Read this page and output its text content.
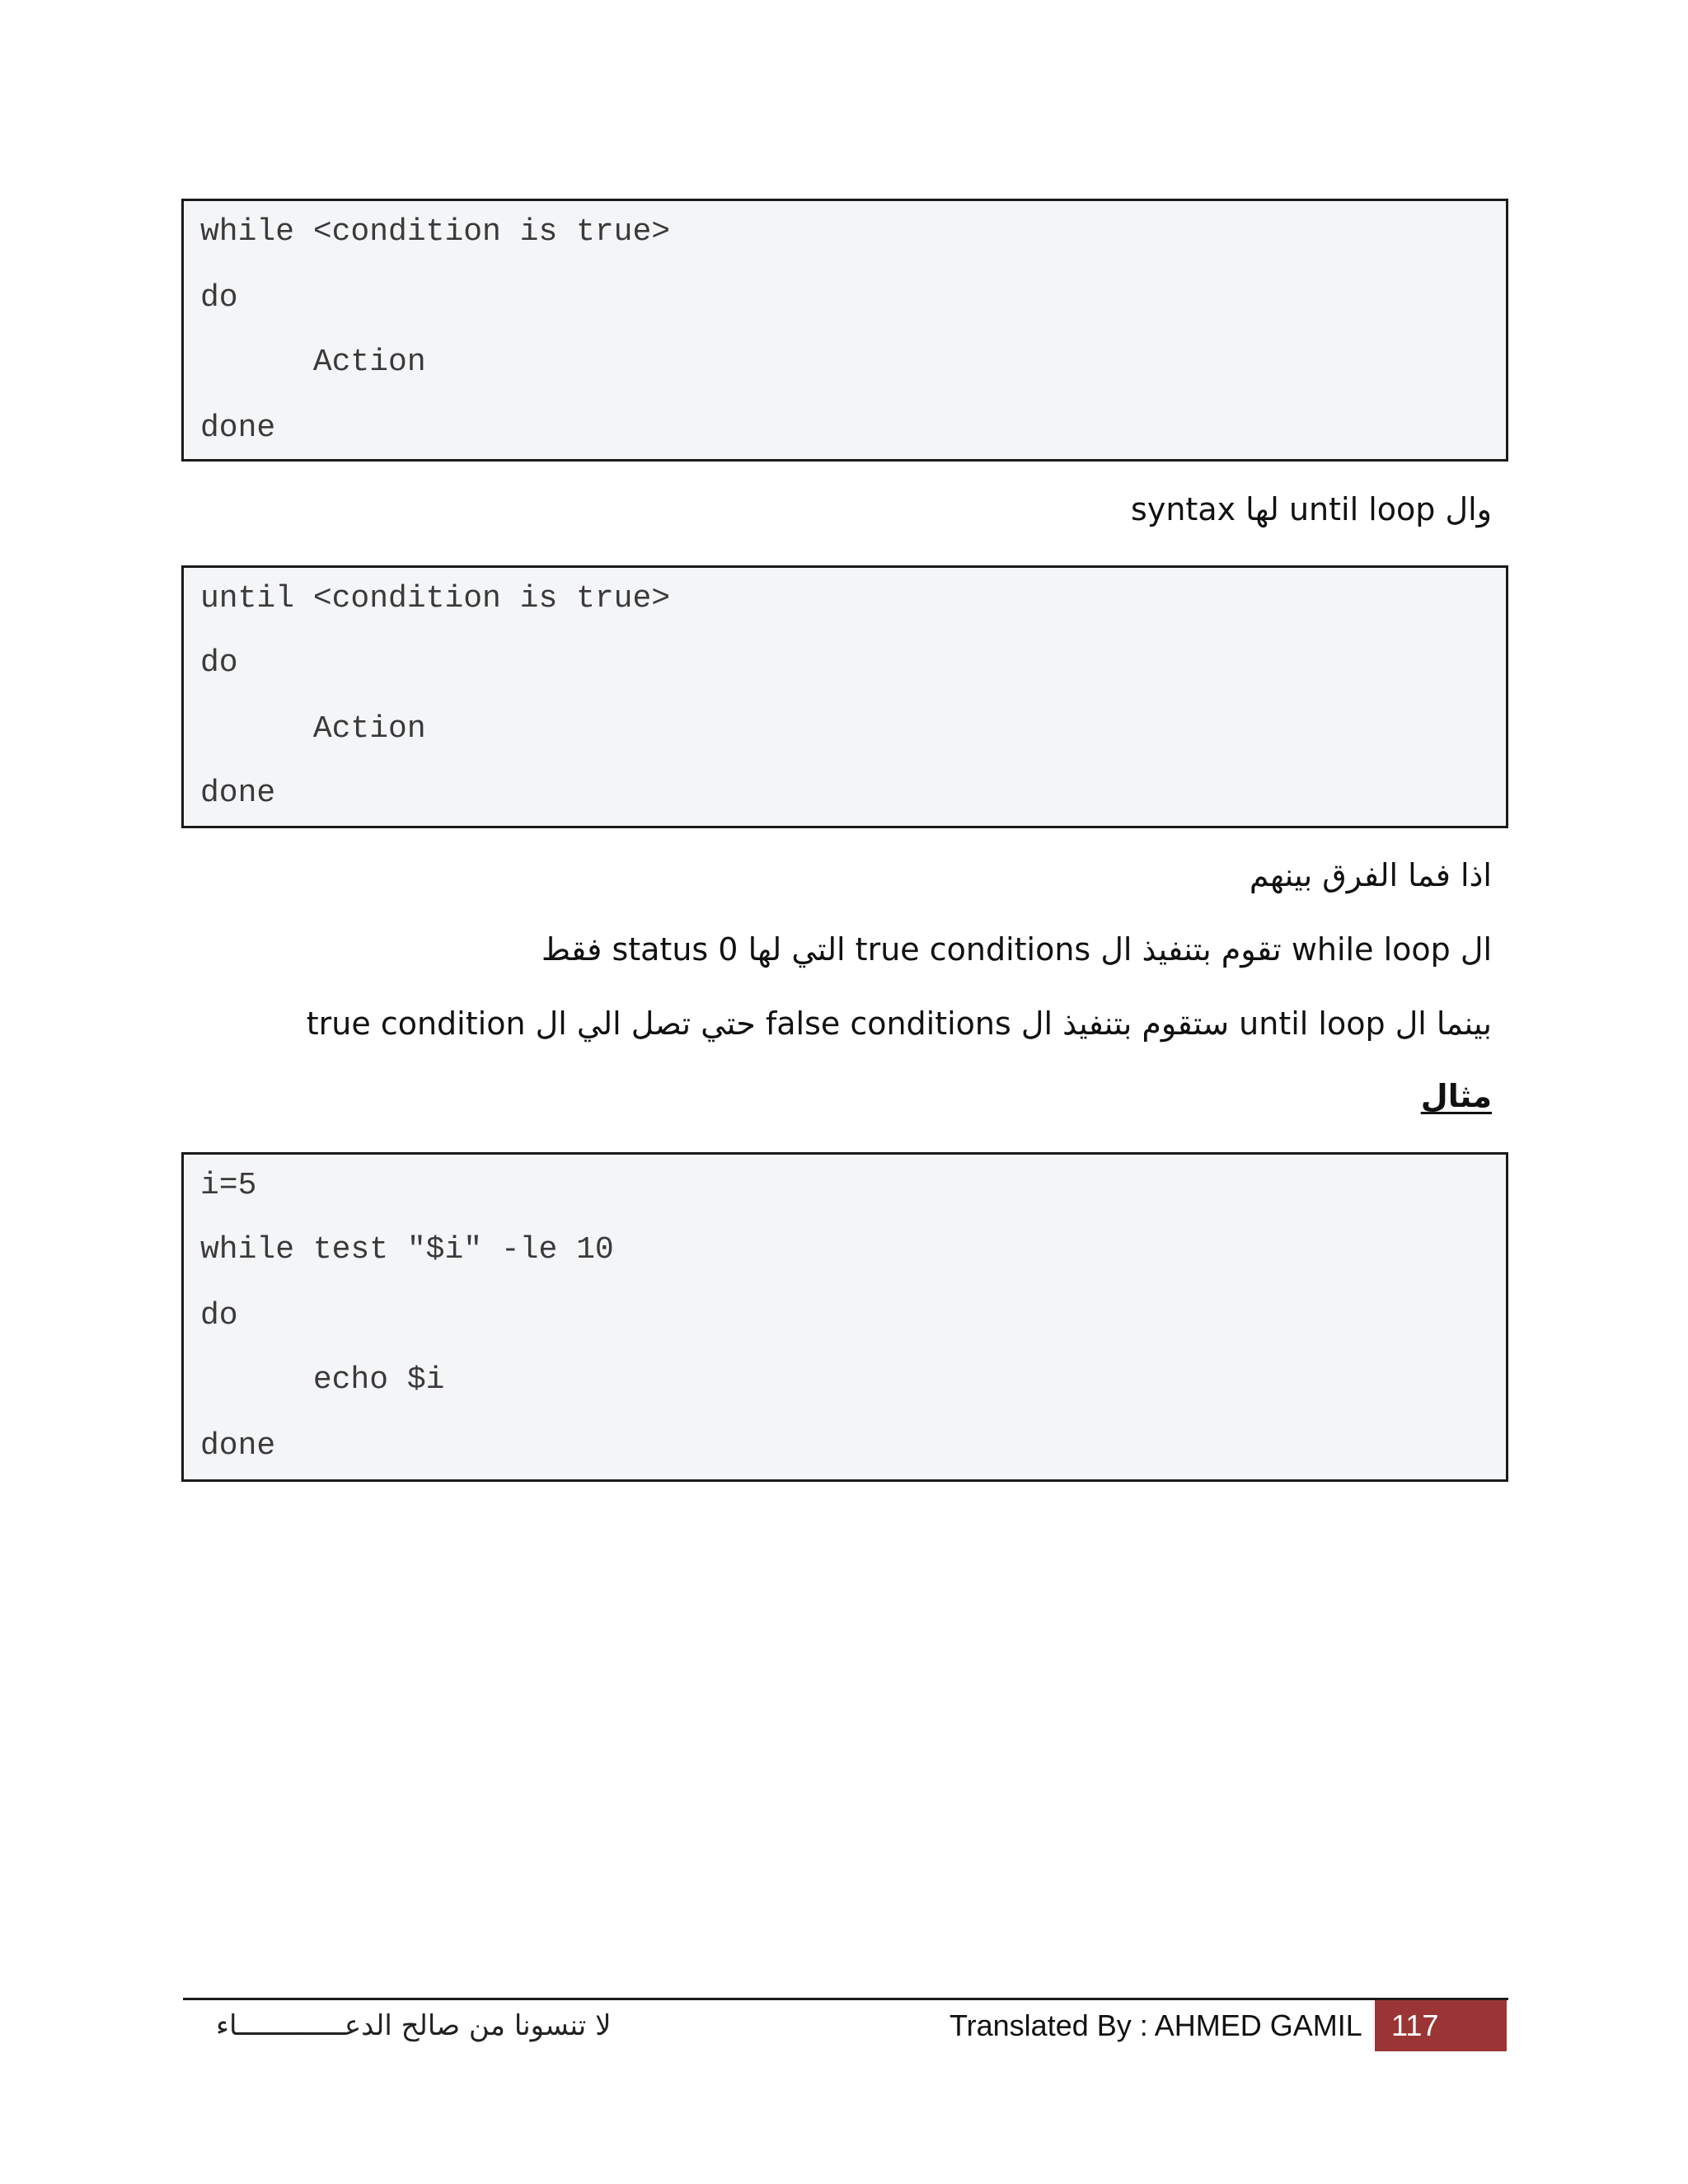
while <condition is true>
do
Action
done
وال until loop لها syntax
until <condition is true>
do
Action
done
اذا فما الفرق بينهم
ال while loop تقوم بتنفيذ ال true conditions التي لها 0 status فقط
بينما ال until loop ستقوم بتنفيذ ال false conditions حتي تصل الي ال true condition
مثال
i=5
while test "$i" -le 10
do
echo $i
done
لا تنسونا من صالح الدعـــــــــــــاء	Translated By : AHMED GAMIL 117
